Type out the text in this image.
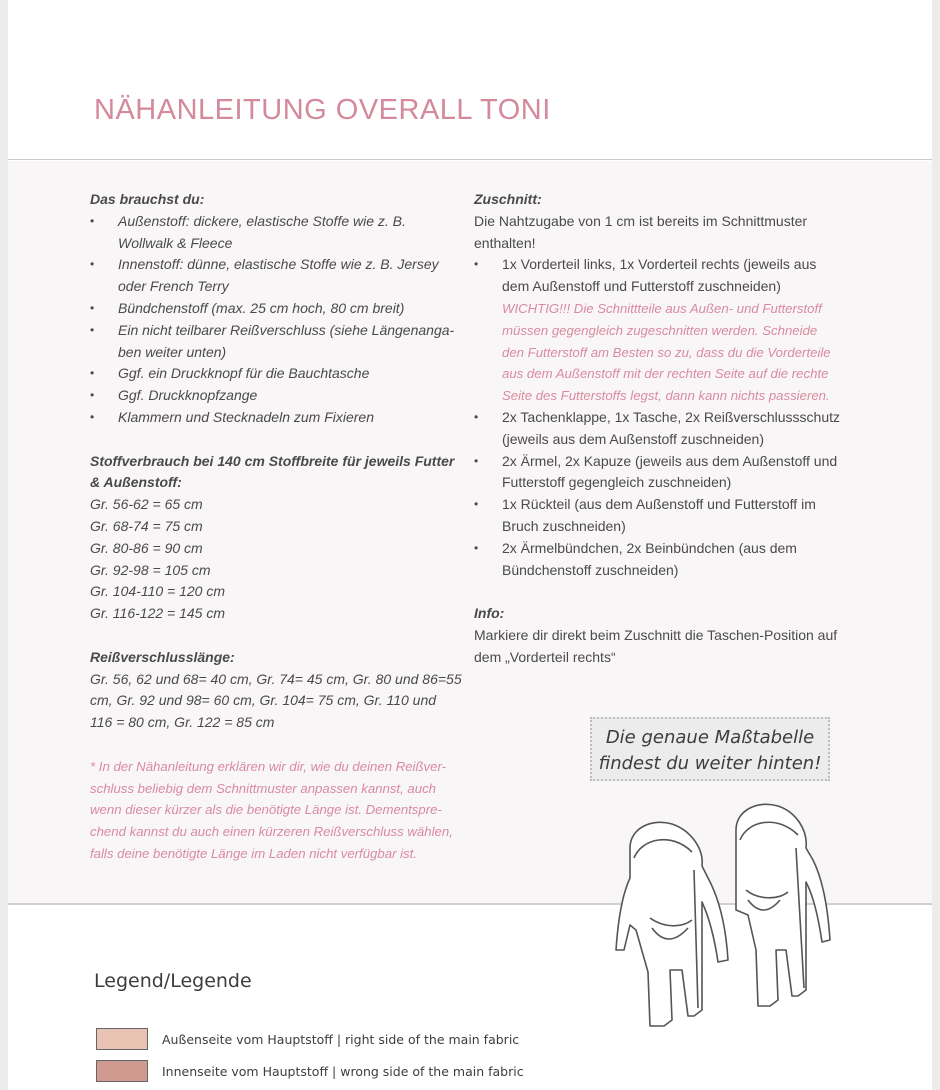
NÄHANLEITUNG OVERALL TONI
Das brauchst du:
• Außenstoff: dickere, elastische Stoffe wie z. B. Wollwalk & Fleece
• Innenstoff: dünne, elastische Stoffe wie z. B. Jersey oder French Terry
• Bündchenstoff (max. 25 cm hoch, 80 cm breit)
• Ein nicht teilbarer Reißverschluss (siehe Längenanga-ben weiter unten)
• Ggf. ein Druckknopf für die Bauchtasche
• Ggf. Druckknopfzange
• Klammern und Stecknadeln zum Fixieren
Stoffverbrauch bei 140 cm Stoffbreite für jeweils Futter & Außenstoff:
Gr. 56-62 = 65 cm
Gr. 68-74 = 75 cm
Gr. 80-86 = 90 cm
Gr. 92-98 = 105 cm
Gr. 104-110 = 120 cm
Gr. 116-122 = 145 cm
Reißverschlusslänge:
Gr. 56, 62 und 68= 40 cm, Gr. 74= 45 cm, Gr. 80 und 86=55 cm, Gr. 92 und 98= 60 cm, Gr. 104= 75 cm, Gr. 110 und 116 = 80 cm, Gr. 122 = 85 cm
* In der Nähanleitung erklären wir dir, wie du deinen Reißver-schluss beliebig dem Schnittmuster anpassen kannst, auch wenn dieser kürzer als die benötigte Länge ist. Dementspre-chend kannst du auch einen kürzeren Reißverschluss wählen, falls deine benötigte Länge im Laden nicht verfügbar ist.
Zuschnitt:
Die Nahtzugabe von 1 cm ist bereits im Schnittmuster enthalten!
• 1x Vorderteil links, 1x Vorderteil rechts (jeweils aus dem Außenstoff und Futterstoff zuschneiden)
WICHTIG!!! Die Schnittteile aus Außen- und Futterstoff müssen gegengleich zugeschnitten werden. Schneide den Futterstoff am Besten so zu, dass du die Vorderteile aus dem Außenstoff mit der rechten Seite auf die rechte Seite des Futterstoffs legst, dann kann nichts passieren.
• 2x Tachenklappe, 1x Tasche, 2x Reißverschlussschutz (jeweils aus dem Außenstoff zuschneiden)
• 2x Ärmel, 2x Kapuze (jeweils aus dem Außenstoff und Futterstoff gegengleich zuschneiden)
• 1x Rückteil (aus dem Außenstoff und Futterstoff im Bruch zuschneiden)
• 2x Ärmelbündchen, 2x Beinbündchen (aus dem Bündchenstoff zuschneiden)
Info:
Markiere dir direkt beim Zuschnitt die Taschen-Position auf dem „Vorderteil rechts“
Die genaue Maßtabelle
findest du weiter hinten!
Legend/Legende
Außenseite vom Hauptstoff | right side of the main fabric
Innenseite vom Hauptstoff | wrong side of the main fabric
